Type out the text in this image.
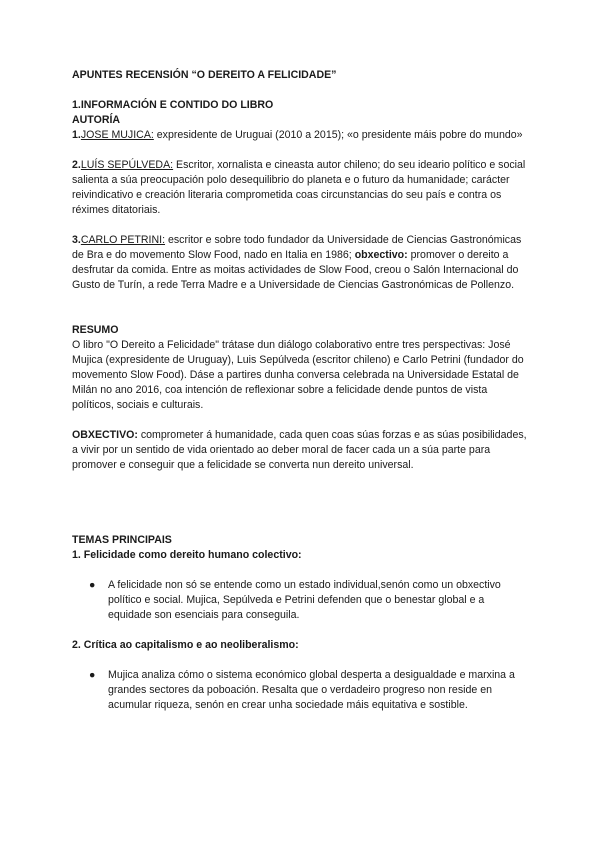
APUNTES RECENSIÓN “O DEREITO A FELICIDADE”

1.INFORMACIÓN E CONTIDO DO LIBRO

AUTORÍA

1.JOSE MUJICA: expresidente de Uruguai (2010 a 2015); «o presidente máis pobre do mundo»

2.LUÍS SEPÚLVEDA: Escritor, xornalista e cineasta autor chileno; do seu ideario político e social salienta a súa preocupación polo desequilibrio do planeta e o futuro da humanidade; carácter reivindicativo e creación literaria comprometida coas circunstancias do seu país e contra os réximes ditatoriais.

3.CARLO PETRINI: escritor e sobre todo fundador da Universidade de Ciencias Gastronómicas de Bra e do movemento Slow Food, nado en Italia en 1986; obxectivo: promover o dereito a desfrutar da comida. Entre as moitas actividades de Slow Food, creou o Salón Internacional do Gusto de Turín, a rede Terra Madre e a Universidade de Ciencias Gastronómicas de Pollenzo.

RESUMO

O libro "O Dereito a Felicidade" trátase dun diálogo colaborativo entre tres perspectivas: José Mujica (expresidente de Uruguay), Luis Sepúlveda (escritor chileno) e Carlo Petrini (fundador do movemento Slow Food). Dáse a partires dunha conversa celebrada na Universidade Estatal de Milán no ano 2016, coa intención de reflexionar sobre a felicidade dende puntos de vista políticos, sociais e culturais.

OBXECTIVO: comprometer á humanidade, cada quen coas súas forzas e as súas posibilidades, a vivir por un sentido de vida orientado ao deber moral de facer cada un a súa parte para promover e conseguir que a felicidade se converta nun dereito universal.

TEMAS PRINCIPAIS

1. Felicidade como dereito humano colectivo:

● A felicidade non só se entende como un estado individual,senón como un obxectivo político e social. Mujica, Sepúlveda e Petrini defenden que o benestar global e a equidade son esenciais para conseguila.

2. Crítica ao capitalismo e ao neoliberalismo:

● Mujica analiza cómo o sistema económico global desperta a desigualdade e marxina a grandes sectores da poboación. Resalta que o verdadeiro progreso non reside en acumular riqueza, senón en crear unha sociedade máis equitativa e sostible.
